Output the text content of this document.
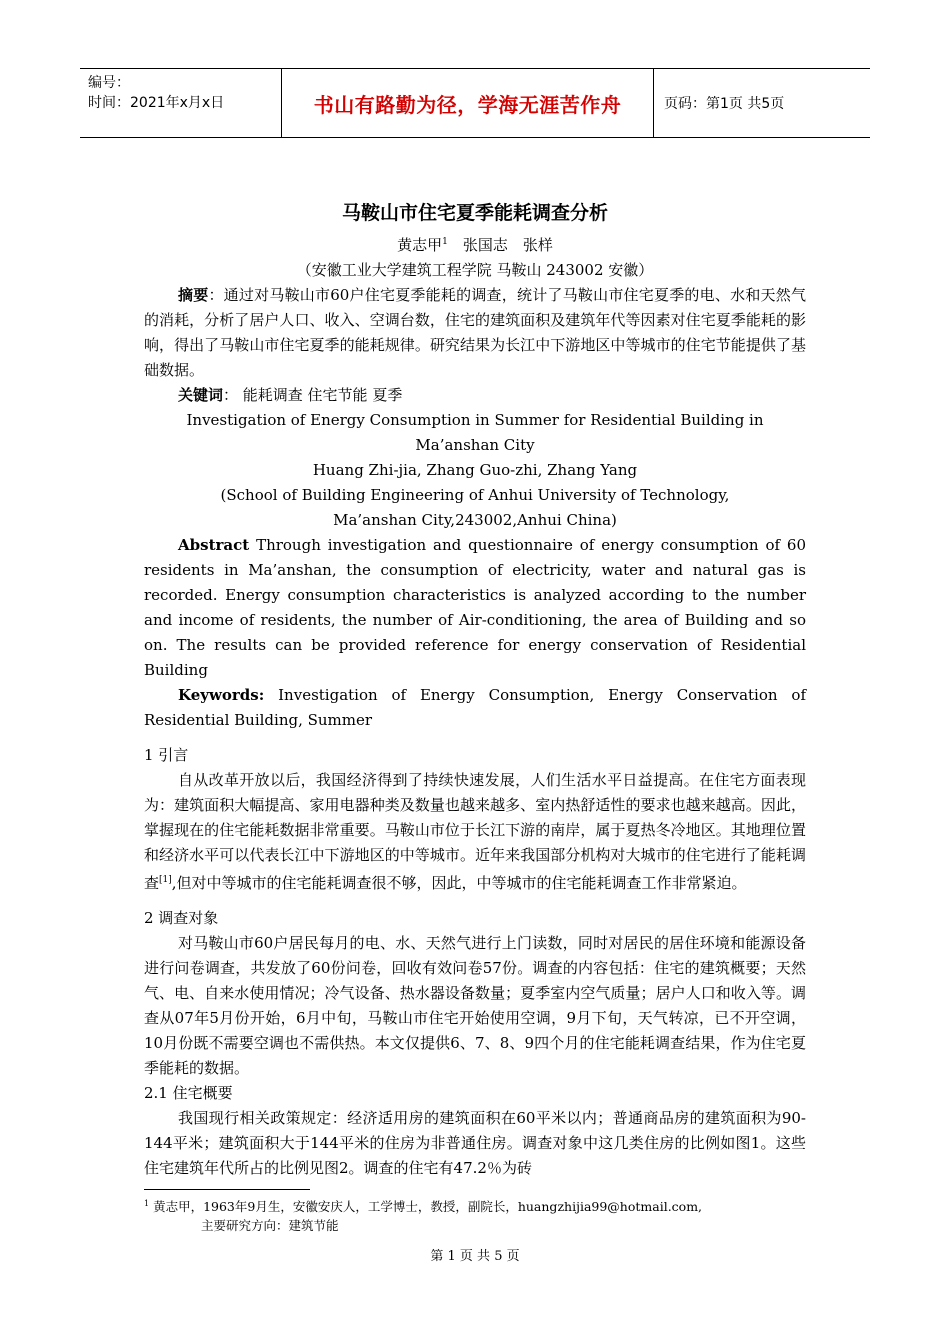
编号：
时间：2021年x月x日	书山有路勤为径，学海无涯苦作舟	页码：第1页 共5页
马鞍山市住宅夏季能耗调查分析
黄志甲$^1$　张国志　张样
（安徽工业大学建筑工程学院 马鞍山 243002 安徽）

摘要：通过对马鞍山市60户住宅夏季能耗的调查，统计了马鞍山市住宅夏季的电、水和天然气的消耗，分析了居户人口、收入、空调台数，住宅的建筑面积及建筑年代等因素对住宅夏季能耗的影响，得出了马鞍山市住宅夏季的能耗规律。研究结果为长江中下游地区中等城市的住宅节能提供了基础数据。

关键词： 能耗调查 住宅节能 夏季

Investigation of Energy Consumption in Summer for Residential Building in Ma’anshan City
Huang Zhi-jia, Zhang Guo-zhi, Zhang Yang
(School of Building Engineering of Anhui University of Technology, Ma’anshan City,243002,Anhui China)

Abstract Through investigation and questionnaire of energy consumption of 60 residents in Ma’anshan, the consumption of electricity, water and natural gas is recorded. Energy consumption characteristics is analyzed according to the number and income of residents, the number of Air-conditioning, the area of Building and so on. The results can be provided reference for energy conservation of Residential Building

Keywords: Investigation of Energy Consumption, Energy Conservation of Residential Building, Summer

1 引言

自从改革开放以后，我国经济得到了持续快速发展，人们生活水平日益提高。在住宅方面表现为：建筑面积大幅提高、家用电器种类及数量也越来越多、室内热舒适性的要求也越来越高。因此，掌握现在的住宅能耗数据非常重要。马鞍山市位于长江下游的南岸，属于夏热冬冷地区。其地理位置和经济水平可以代表长江中下游地区的中等城市。近年来我国部分机构对大城市的住宅进行了能耗调查[1],但对中等城市的住宅能耗调查很不够，因此，中等城市的住宅能耗调查工作非常紧迫。

2 调查对象

对马鞍山市60户居民每月的电、水、天然气进行上门读数，同时对居民的居住环境和能源设备进行问卷调查，共发放了60份问卷，回收有效问卷57份。调查的内容包括：住宅的建筑概要；天然气、电、自来水使用情况；冷气设备、热水器设备数量；夏季室内空气质量；居户人口和收入等。调查从07年5月份开始，6月中旬，马鞍山市住宅开始使用空调，9月下旬，天气转凉，已不开空调，10月份既不需要空调也不需供热。本文仅提供6、7、8、9四个月的住宅能耗调查结果，作为住宅夏季能耗的数据。

2.1 住宅概要

我国现行相关政策规定：经济适用房的建筑面积在60平米以内；普通商品房的建筑面积为90-144平米；建筑面积大于144平米的住房为非普通住房。调查对象中这几类住房的比例如图1。这些住宅建筑年代所占的比例见图2。调查的住宅有47.2％为砖

$^1$ 黄志甲，1963年9月生，安徽安庆人，工学博士，教授，副院长，huangzhijia99@hotmail.com,
主要研究方向：建筑节能
第 1 页 共 5 页
